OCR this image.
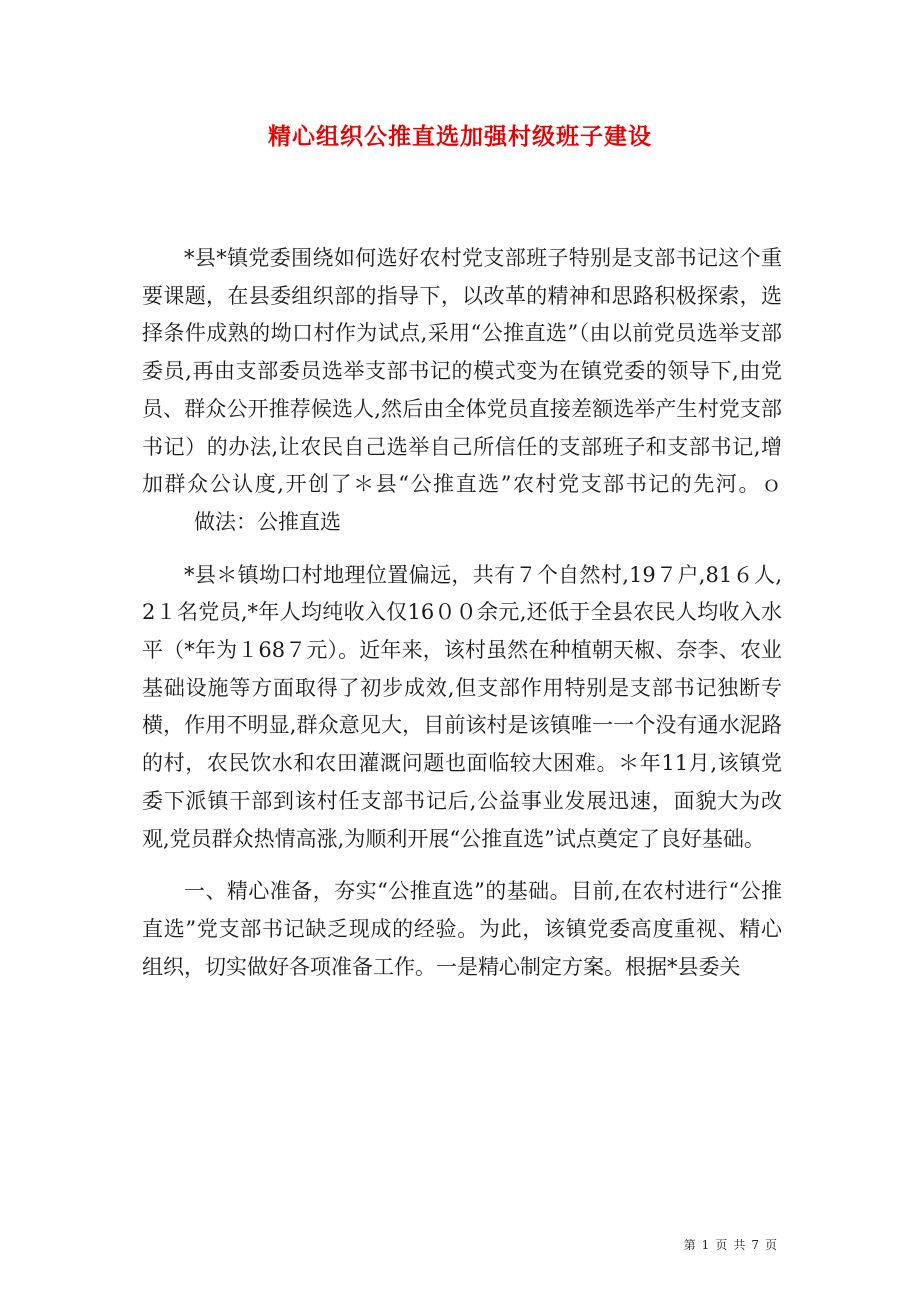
精心组织公推直选加强村级班子建设

*县*镇党委围绕如何选好农村党支部班子特别是支部书记这个重要课题，在县委组织部的指导下，以改革的精神和思路积极探索，选择条件成熟的坳口村作为试点,采用“公推直选”（由以前党员选举支部委员,再由支部委员选举支部书记的模式变为在镇党委的领导下,由党员、群众公开推荐候选人,然后由全体党员直接差额选举产生村党支部书记）的办法,让农民自己选举自己所信任的支部班子和支部书记,增加群众公认度,开创了＊县“公推直选”农村党支部书记的先河。ｏ做法：公推直选

*县＊镇坳口村地理位置偏远，共有７个自然村,19７户,81６人,2１名党员,*年人均纯收入仅16００余元,还低于全县农民人均收入水平（*年为１68７元）。近年来，该村虽然在种植朝天椒、奈李、农业基础设施等方面取得了初步成效,但支部作用特别是支部书记独断专横，作用不明显,群众意见大，目前该村是该镇唯一一个没有通水泥路的村，农民饮水和农田灌溉问题也面临较大困难。＊年11月,该镇党委下派镇干部到该村任支部书记后,公益事业发展迅速，面貌大为改观,党员群众热情高涨,为顺利开展“公推直选”试点奠定了良好基础。

一、精心准备，夯实“公推直选”的基础。目前,在农村进行“公推直选”党支部书记缺乏现成的经验。为此，该镇党委高度重视、精心组织，切实做好各项准备工作。一是精心制定方案。根据*县委关

第 1 页 共 7 页
